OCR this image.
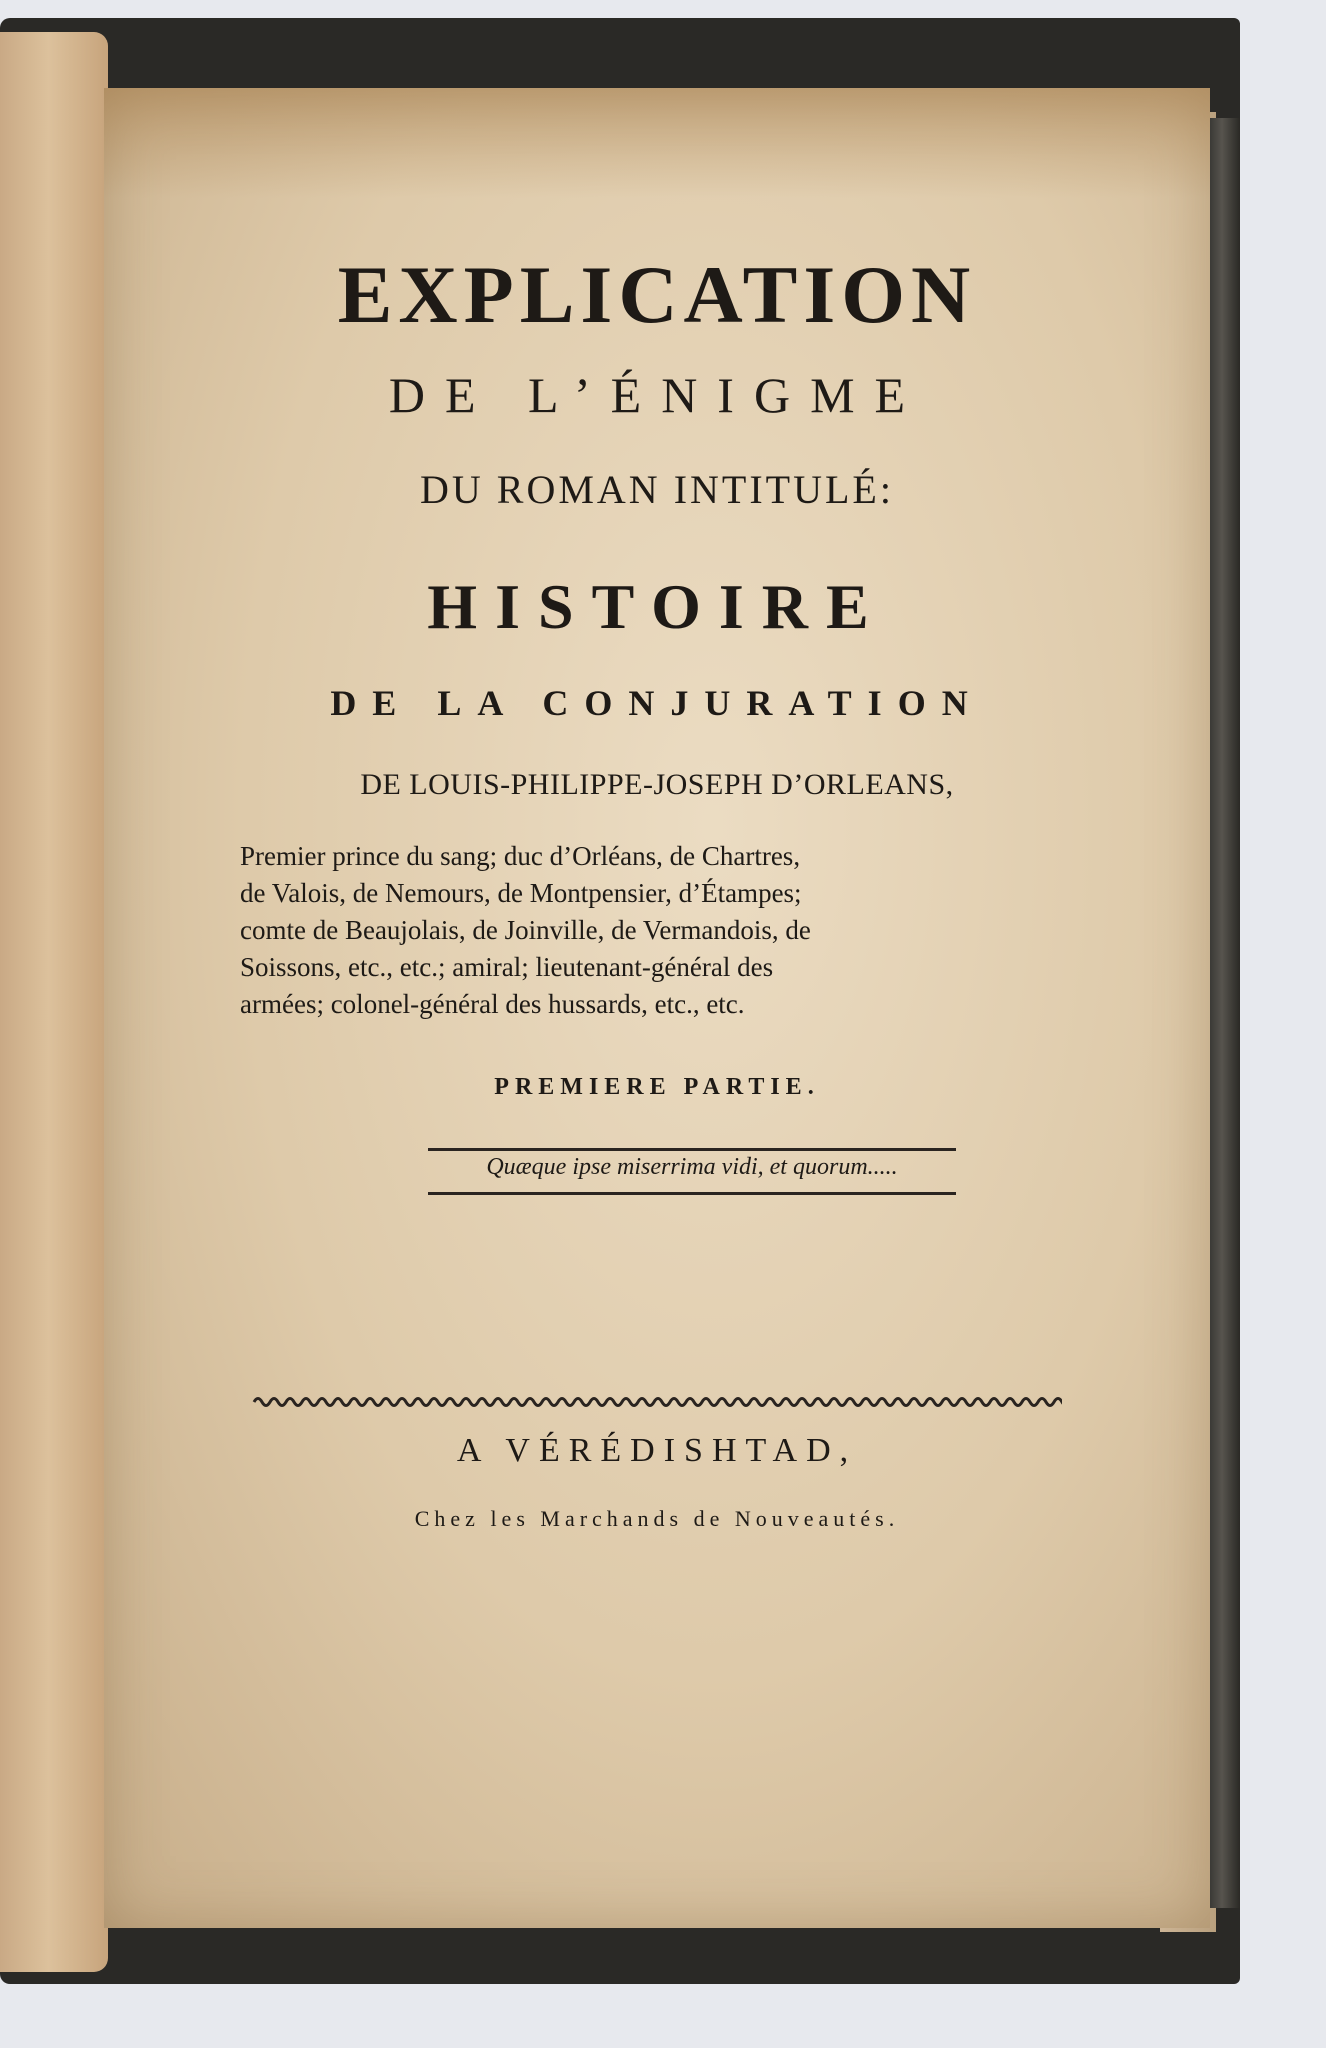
EXPLICATION
DE L’ÉNIGME
DU ROMAN INTITULÉ:
HISTOIRE
DE LA CONJURATION
DE LOUIS-PHILIPPE-JOSEPH D’ORLEANS,
Premier prince du sang; duc d’Orléans, de Chartres,
de Valois, de Nemours, de Montpensier, d’Étampes;
comte de Beaujolais, de Joinville, de Vermandois, de
Soissons, etc., etc.; amiral; lieutenant-général des
armées; colonel-général des hussards, etc., etc.
PREMIERE PARTIE.
Quæque ipse miserrima vidi, et quorum.....
A VÉRÉDISHTAD,
Chez les Marchands de Nouveautés.
